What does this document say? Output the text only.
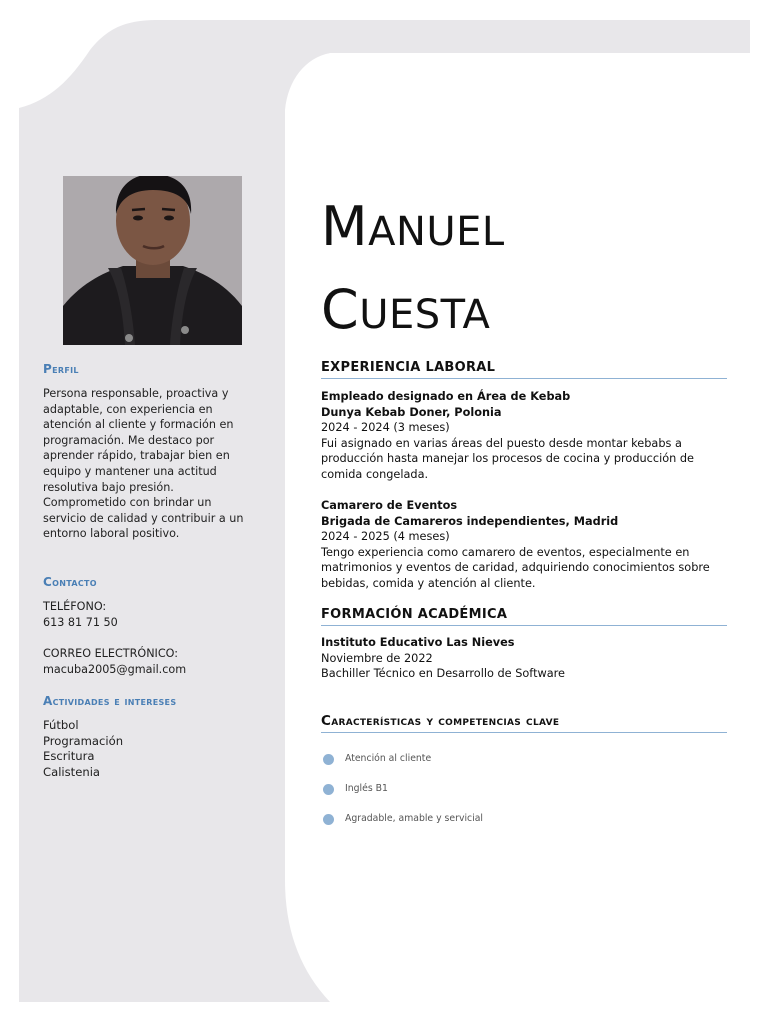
Perfil

Persona responsable, proactiva y adaptable, con experiencia en atención al cliente y formación en programación. Me destaco por aprender rápido, trabajar bien en equipo y mantener una actitud resolutiva bajo presión. Comprometido con brindar un servicio de calidad y contribuir a un entorno laboral positivo.

Contacto
TELÉFONO:
613 81 71 50
CORREO ELECTRÓNICO:
macuba2005@gmail.com
Actividades e intereses
Fútbol
Programación
Escritura
Calistenia
MANUEL
CUESTA
EXPERIENCIA LABORAL
Empleado designado en Área de Kebab
Dunya Kebab Doner, Polonia
2024 - 2024 (3 meses)
Fui asignado en varias áreas del puesto desde montar kebabs a producción hasta manejar los procesos de cocina y producción de comida congelada.
Camarero de Eventos
Brigada de Camareros independientes, Madrid
2024 - 2025 (4 meses)
Tengo experiencia como camarero de eventos, especialmente en matrimonios y eventos de caridad, adquiriendo conocimientos sobre bebidas, comida y atención al cliente.
FORMACIÓN ACADÉMICA
Instituto Educativo Las Nieves
Noviembre de 2022
Bachiller Técnico en Desarrollo de Software
Características y competencias clave
Atención al cliente
Inglés B1
Agradable, amable y servicial
